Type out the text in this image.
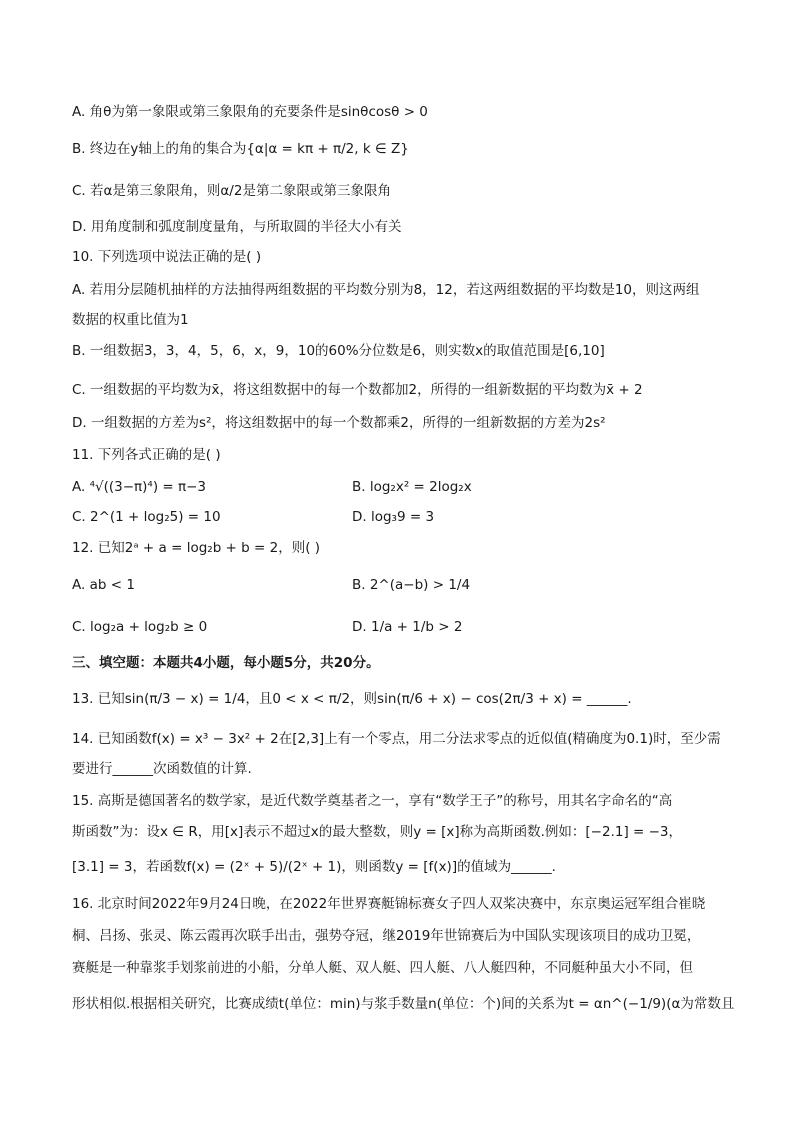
A. 角θ为第一象限或第三象限角的充要条件是sinθcosθ > 0
B. 终边在y轴上的角的集合为{α|α = kπ + π/2, k ∈ Z}
C. 若α是第三象限角，则α/2是第二象限或第三象限角
D. 用角度制和弧度制度量角，与所取圆的半径大小有关
10. 下列选项中说法正确的是( )
A. 若用分层随机抽样的方法抽得两组数据的平均数分别为8，12，若这两组数据的平均数是10，则这两组
数据的权重比值为1
B. 一组数据3，3，4，5，6，x，9，10的60%分位数是6，则实数x的取值范围是[6,10]
C. 一组数据的平均数为x̄，将这组数据中的每一个数都加2，所得的一组新数据的平均数为x̄ + 2
D. 一组数据的方差为s²，将这组数据中的每一个数都乘2，所得的一组新数据的方差为2s²
11. 下列各式正确的是( )
A. ⁴√((3−π)⁴) = π−3	B. log₂x² = 2log₂x
C. 2^(1 + log₂5) = 10	D. log₃9 = 3
12. 已知2ᵃ + a = log₂b + b = 2，则( )
A. ab < 1	B. 2^(a−b) > 1/4
C. log₂a + log₂b ≥ 0	D. 1/a + 1/b > 2
三、填空题：本题共4小题，每小题5分，共20分。
13. 已知sin(π/3 − x) = 1/4，且0 < x < π/2，则sin(π/6 + x) − cos(2π/3 + x) = ______.
14. 已知函数f(x) = x³ − 3x² + 2在[2,3]上有一个零点，用二分法求零点的近似值(精确度为0.1)时，至少需
要进行______次函数值的计算.
15. 高斯是德国著名的数学家，是近代数学奠基者之一，享有“数学王子”的称号，用其名字命名的“高
斯函数”为：设x ∈ R，用[x]表示不超过x的最大整数，则y = [x]称为高斯函数.例如：[−2.1] = −3，
[3.1] = 3，若函数f(x) = (2ˣ + 5)/(2ˣ + 1)，则函数y = [f(x)]的值域为______.
16. 北京时间2022年9月24日晚，在2022年世界赛艇锦标赛女子四人双桨决赛中，东京奥运冠军组合崔晓
桐、吕扬、张灵、陈云霞再次联手出击，强势夺冠，继2019年世锦赛后为中国队实现该项目的成功卫冕，
赛艇是一种靠浆手划浆前进的小船，分单人艇、双人艇、四人艇、八人艇四种，不同艇种虽大小不同，但
形状相似.根据相关研究，比赛成绩t(单位：min)与浆手数量n(单位：个)间的关系为t = αn^(−1/9)(α为常数且
